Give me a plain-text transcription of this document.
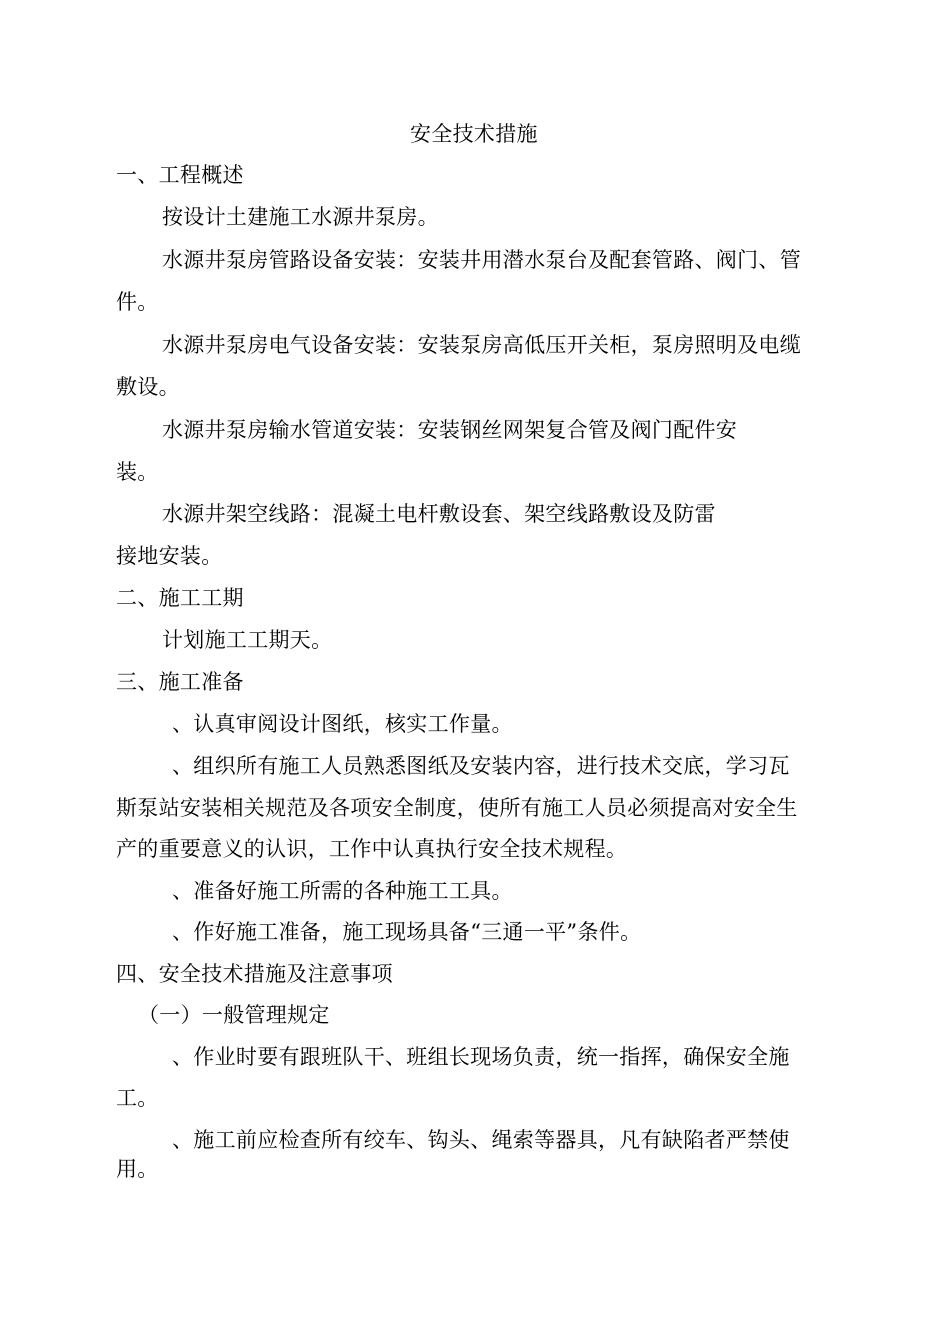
安全技术措施
一、工程概述
按设计土建施工水源井泵房。
水源井泵房管路设备安装：安装井用潜水泵台及配套管路、阀门、管
件。
水源井泵房电气设备安装：安装泵房高低压开关柜，泵房照明及电缆
敷设。
水源井泵房输水管道安装：安装钢丝网架复合管及阀门配件安
装。
水源井架空线路：混凝土电杆敷设套、架空线路敷设及防雷
接地安装。
二、施工工期
计划施工工期天。
三、施工准备
、认真审阅设计图纸，核实工作量。
、组织所有施工人员熟悉图纸及安装内容，进行技术交底，学习瓦
斯泵站安装相关规范及各项安全制度，使所有施工人员必须提高对安全生
产的重要意义的认识，工作中认真执行安全技术规程。
、准备好施工所需的各种施工工具。
、作好施工准备，施工现场具备“三通一平”条件。
四、安全技术措施及注意事项
（一）一般管理规定
、作业时要有跟班队干、班组长现场负责，统一指挥，确保安全施
工。
、施工前应检查所有绞车、钩头、绳索等器具，凡有缺陷者严禁使
用。
